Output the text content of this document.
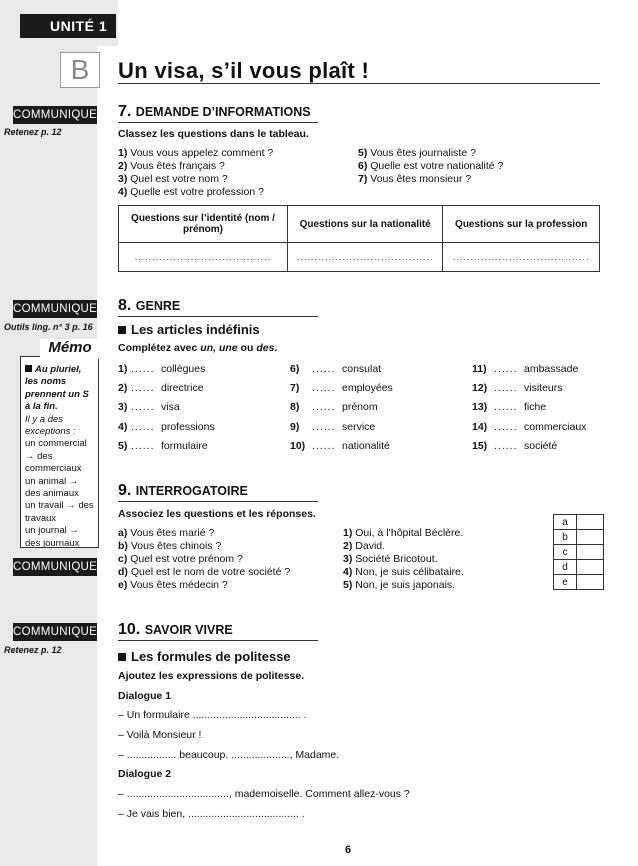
UNITÉ 1
B	Un visa, s’il vous plaît !
COMMUNIQUER
Retenez p. 12
COMMUNIQUER
Outils ling. n° 3 p. 16
Mémo
Au pluriel, les noms prennent un S à la fin.
Il y a des exceptions :
un commercial → des commerciaux
un animal → des animaux
un travail → des travaux
un journal → des journaux
COMMUNIQUER
COMMUNIQUER
Retenez p. 12
7. DEMANDE D’INFORMATIONS
Classez les questions dans le tableau.
1) Vous vous appelez comment ?
2) Vous êtes français ?
3) Quel est votre nom ?
4) Quelle est votre profession ?
5) Vous êtes journaliste ?
6) Quelle est votre nationalité ?
7) Vous êtes monsieur ?
Questions sur l’identité (nom / prénom)	Questions sur la nationalité	Questions sur la profession
.......................................	.......................................	.......................................
8. GENRE
Les articles indéfinis
Complétez avec un, une ou des.
1) ...... collègues
2) ...... directrice
3) ...... visa
4) ...... professions
5) ...... formulaire
6) ...... consulat
7) ...... employées
8) ...... prénom
9) ...... service
10) ...... nationalité
11) ...... ambassade
12) ...... visiteurs
13) ...... fiche
14) ...... commerciaux
15) ...... société
9. INTERROGATOIRE
Associez les questions et les réponses.
a) Vous êtes marié ?
b) Vous êtes chinois ?
c) Quel est votre prénom ?
d) Quel est le nom de votre société ?
e) Vous êtes médecin ?
1) Oui, à l’hôpital Béclère.
2) David.
3) Société Bricotout.
4) Non, je suis célibataire.
5) Non, je suis japonais.
a	
b	
c	
d	
e	
10. SAVOIR VIVRE
Les formules de politesse
Ajoutez les expressions de politesse.
Dialogue 1
– Un formulaire ..................................... .
– Voilà Monsieur !
– ................. beaucoup. ...................., Madame.
Dialogue 2
– ..................................., mademoiselle. Comment allez-vous ?
– Je vais bien, ...................................... .
6
